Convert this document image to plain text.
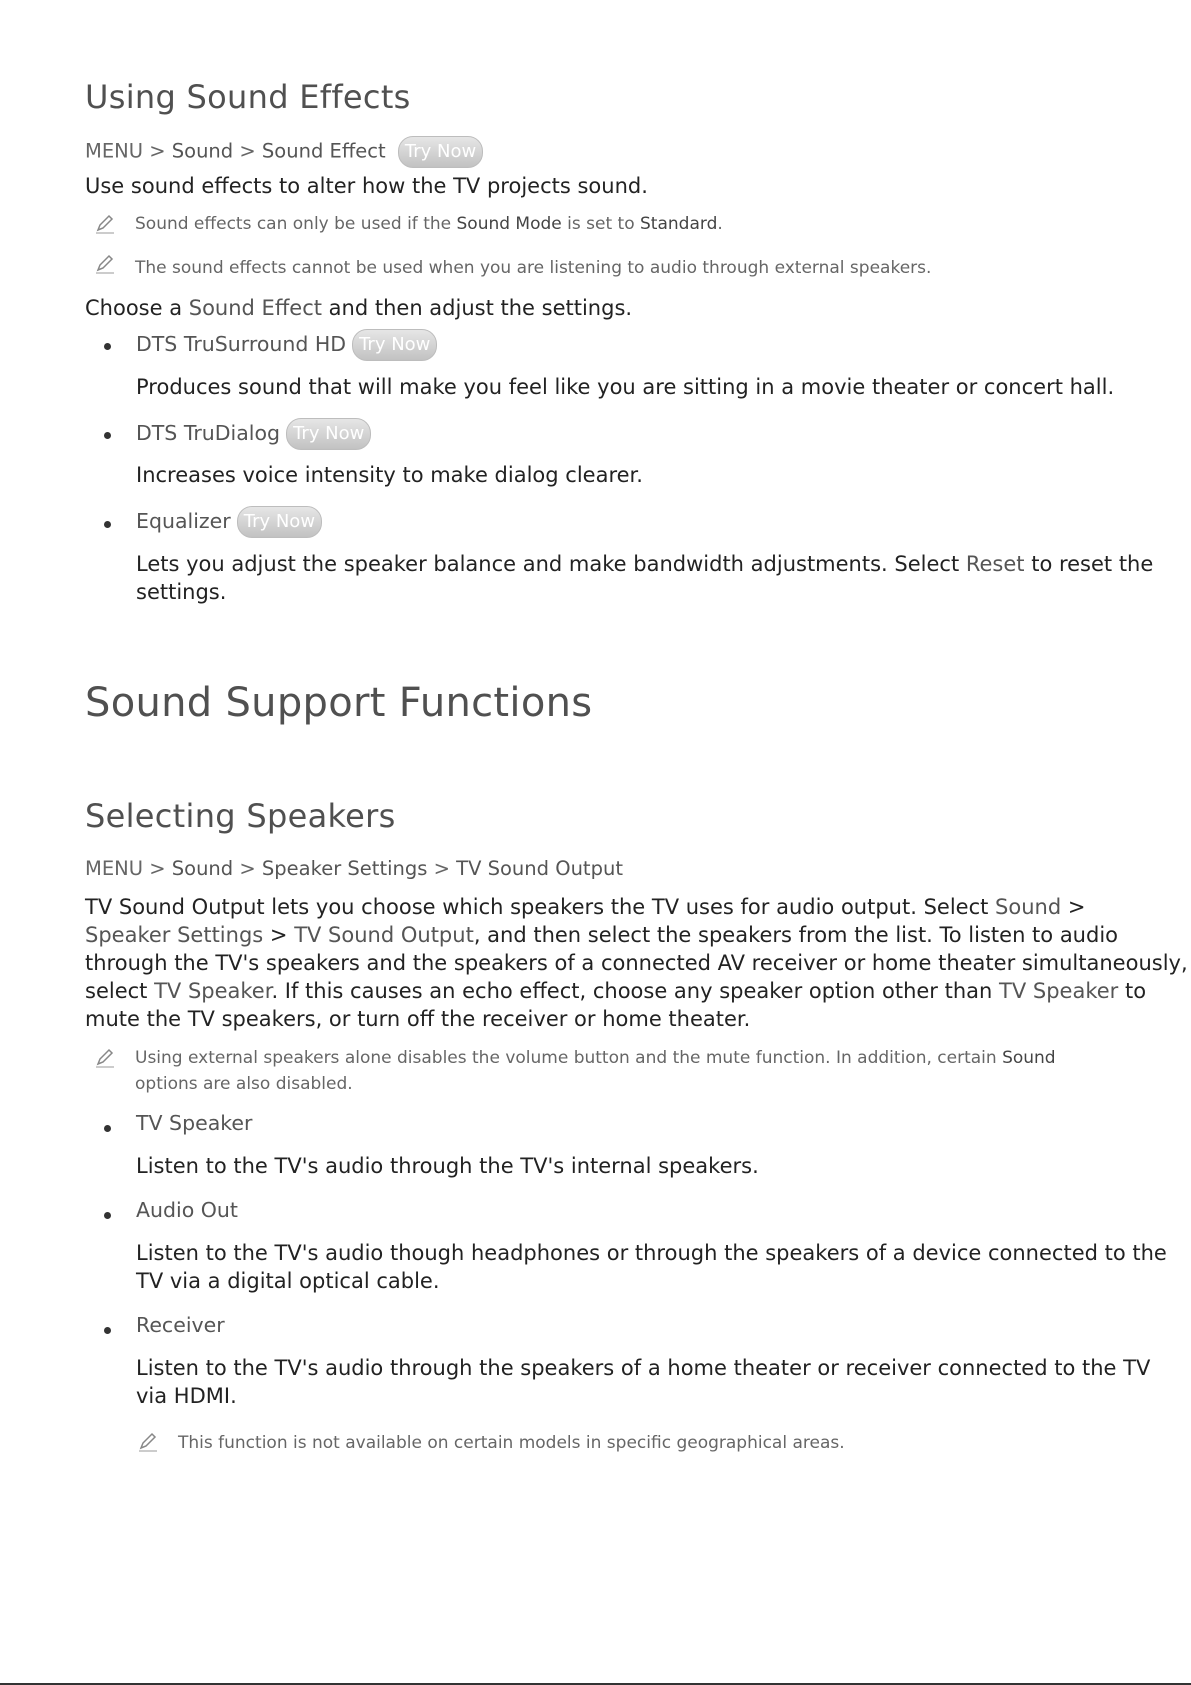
Using Sound Effects
MENU > Sound > Sound Effect Try Now
Use sound effects to alter how the TV projects sound.
Sound effects can only be used if the Sound Mode is set to Standard.
The sound effects cannot be used when you are listening to audio through external speakers.
Choose a Sound Effect and then adjust the settings.
DTS TruSurround HD Try Now
Produces sound that will make you feel like you are sitting in a movie theater or concert hall.
DTS TruDialog Try Now
Increases voice intensity to make dialog clearer.
Equalizer Try Now
Lets you adjust the speaker balance and make bandwidth adjustments. Select Reset to reset the
settings.
Sound Support Functions
Selecting Speakers
MENU > Sound > Speaker Settings > TV Sound Output
TV Sound Output lets you choose which speakers the TV uses for audio output. Select Sound >
Speaker Settings > TV Sound Output, and then select the speakers from the list. To listen to audio
through the TV's speakers and the speakers of a connected AV receiver or home theater simultaneously,
select TV Speaker. If this causes an echo effect, choose any speaker option other than TV Speaker to
mute the TV speakers, or turn off the receiver or home theater.
Using external speakers alone disables the volume button and the mute function. In addition, certain Sound
options are also disabled.
TV Speaker
Listen to the TV's audio through the TV's internal speakers.
Audio Out
Listen to the TV's audio though headphones or through the speakers of a device connected to the
TV via a digital optical cable.
Receiver
Listen to the TV's audio through the speakers of a home theater or receiver connected to the TV
via HDMI.
This function is not available on certain models in specific geographical areas.
